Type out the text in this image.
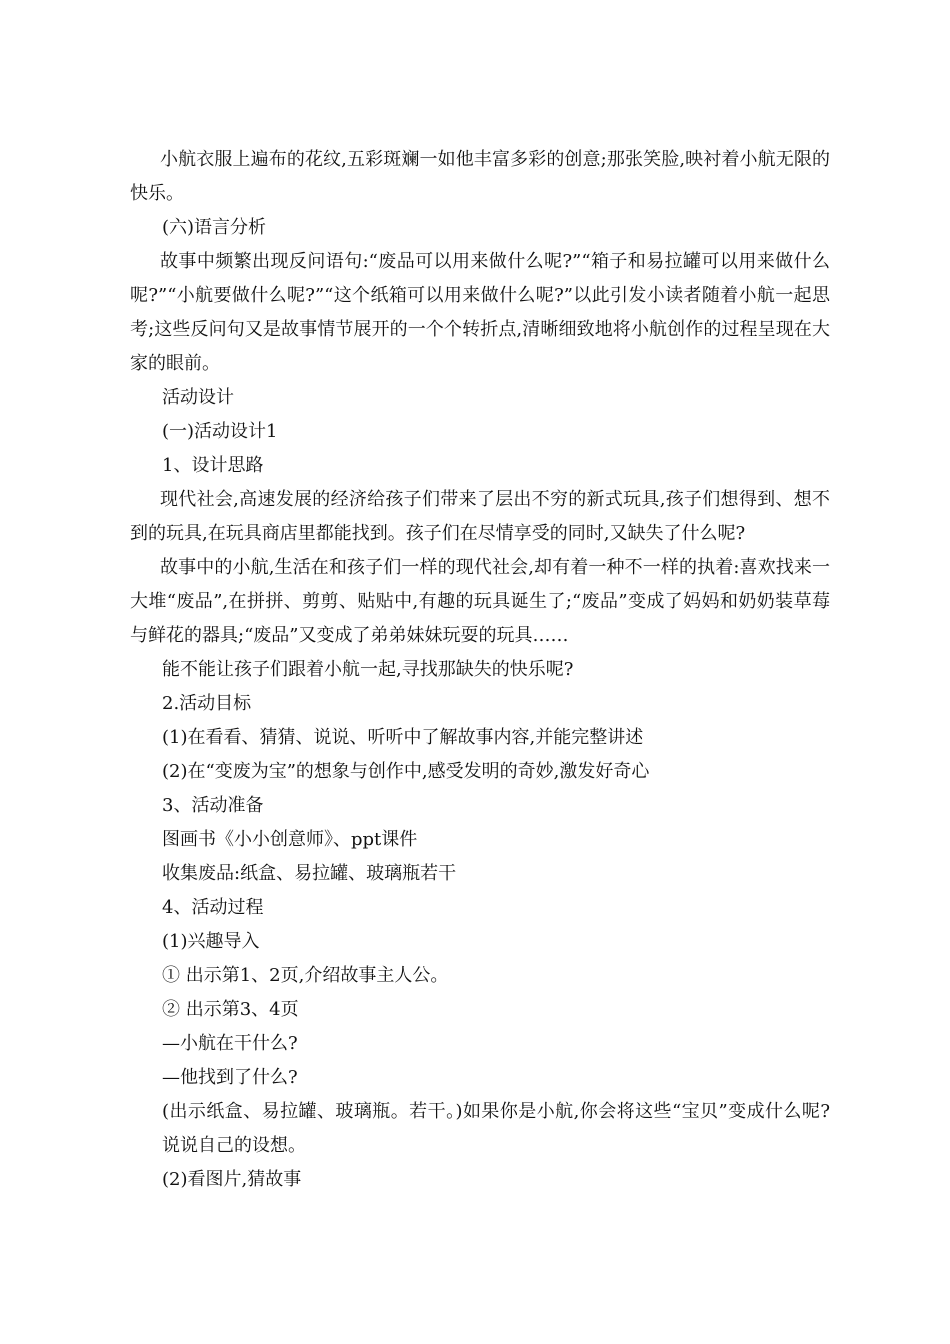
小航衣服上遍布的花纹,五彩斑斓一如他丰富多彩的创意;那张笑脸,映衬着小航无限的快乐。

(六)语言分析

故事中频繁出现反问语句:“废品可以用来做什么呢?”“箱子和易拉罐可以用来做什么呢?”“小航要做什么呢?”“这个纸箱可以用来做什么呢?”以此引发小读者随着小航一起思考;这些反问句又是故事情节展开的一个个转折点,清晰细致地将小航创作的过程呈现在大家的眼前。

活动设计

(一)活动设计1

1、设计思路

现代社会,高速发展的经济给孩子们带来了层出不穷的新式玩具,孩子们想得到、想不到的玩具,在玩具商店里都能找到。孩子们在尽情享受的同时,又缺失了什么呢?

故事中的小航,生活在和孩子们一样的现代社会,却有着一种不一样的执着:喜欢找来一大堆“废品”,在拼拼、剪剪、贴贴中,有趣的玩具诞生了;“废品”变成了妈妈和奶奶装草莓与鲜花的器具;“废品”又变成了弟弟妹妹玩耍的玩具……

能不能让孩子们跟着小航一起,寻找那缺失的快乐呢?

2.活动目标

(1)在看看、猜猜、说说、听听中了解故事内容,并能完整讲述

(2)在“变废为宝”的想象与创作中,感受发明的奇妙,激发好奇心

3、活动准备

图画书《小小创意师》、ppt课件

收集废品:纸盒、易拉罐、玻璃瓶若干

4、活动过程

(1)兴趣导入

① 出示第1、2页,介绍故事主人公。

② 出示第3、4页

—小航在干什么?

—他找到了什么?

(出示纸盒、易拉罐、玻璃瓶。若干。)如果你是小航,你会将这些“宝贝”变成什么呢?说说自己的设想。

(2)看图片,猜故事
